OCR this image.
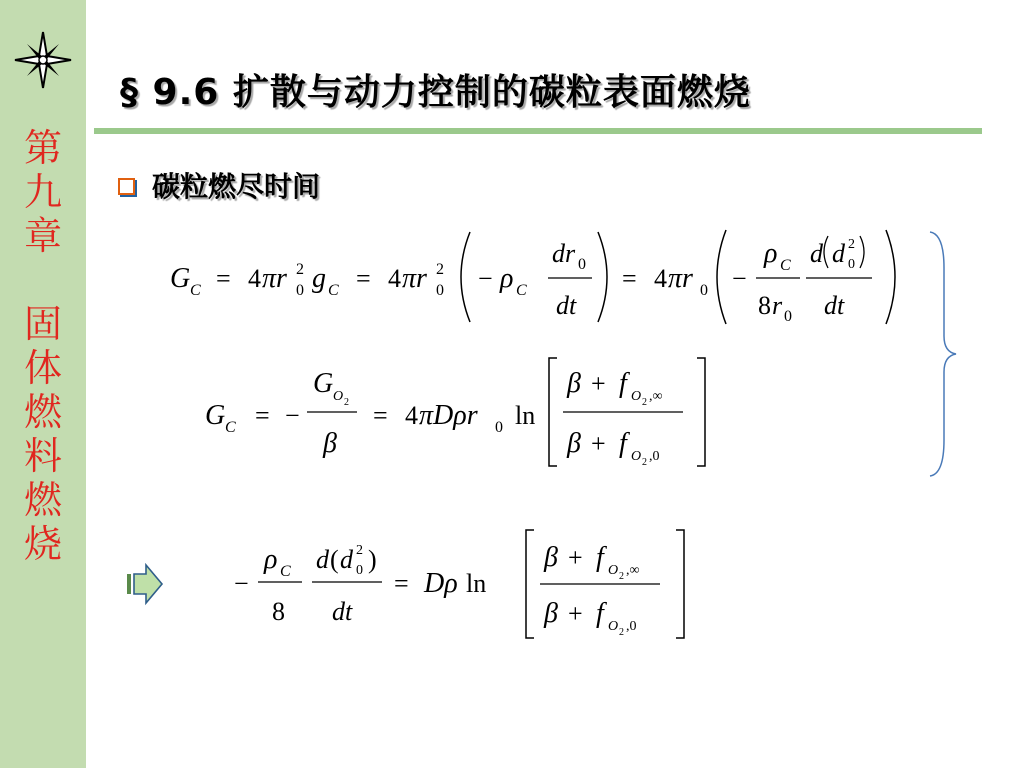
第
九
章
固
体
燃
料
燃
烧
§ 9.6 扩散与动力控制的碳粒表面燃烧
碳粒燃尽时间
G C = 4 πr 2
0 g C = 4 πr 2
0 − ρ C
dr 0
dt
= 4 πr 0 −
ρ C
8 r 0
d d 2
0
dt
G C = −
G O 2
β
= 4 πDρr 0 ln
β + f O 2 ,∞
β + f O 2 ,0
−
ρ C
8
d ( d 2
0 )
dt
= Dρ ln
β + f O 2 ,∞
β + f O 2 ,0
